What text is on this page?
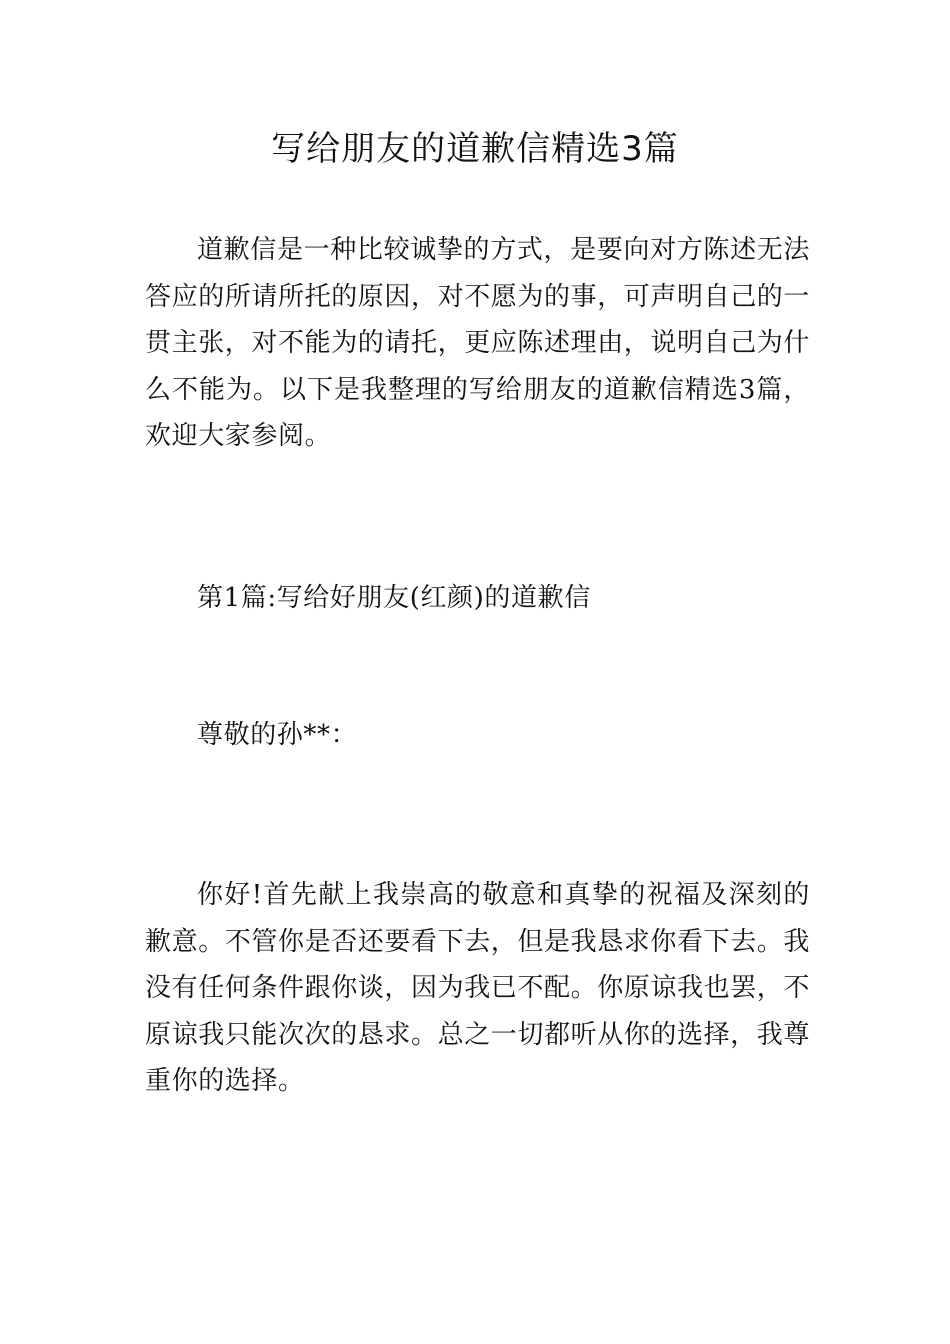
写给朋友的道歉信精选3篇

道歉信是一种比较诚挚的方式，是要向对方陈述无法答应的所请所托的原因，对不愿为的事，可声明自己的一贯主张，对不能为的请托，更应陈述理由，说明自己为什么不能为。以下是我整理的写给朋友的道歉信精选3篇，欢迎大家参阅。

第1篇:写给好朋友(红颜)的道歉信

尊敬的孙**：

你好!首先献上我崇高的敬意和真挚的祝福及深刻的歉意。不管你是否还要看下去，但是我恳求你看下去。我没有任何条件跟你谈，因为我已不配。你原谅我也罢，不原谅我只能次次的恳求。总之一切都听从你的选择，我尊重你的选择。
